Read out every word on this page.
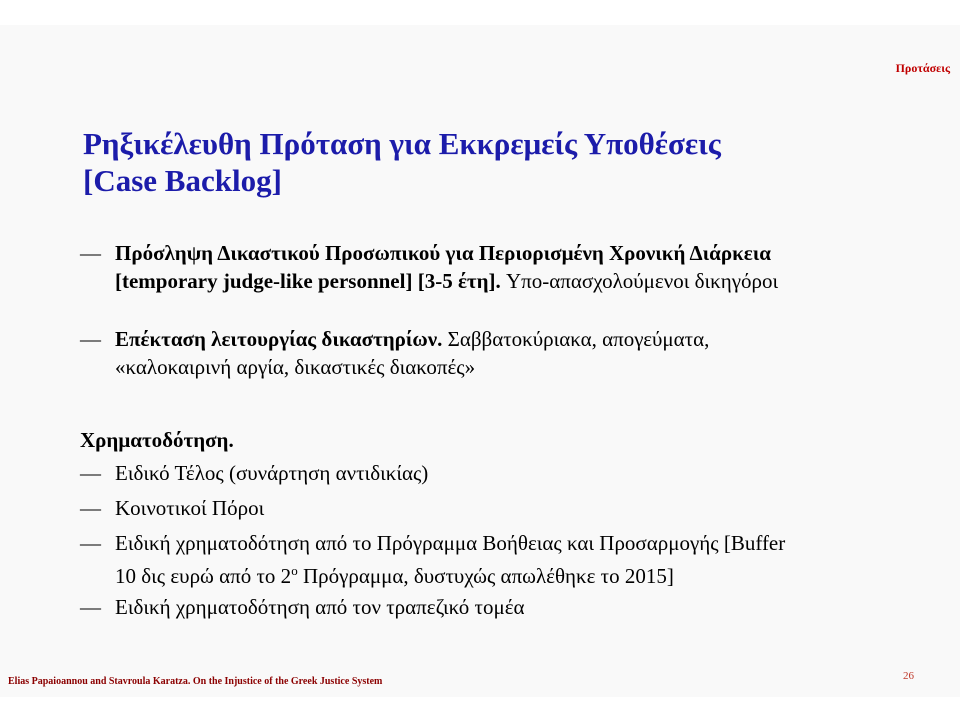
Προτάσεις
Ρηξικέλευθη Πρόταση για Εκκρεμείς Υποθέσεις
[Case Backlog]
— Πρόσληψη Δικαστικού Προσωπικού για Περιορισμένη Χρονική Διάρκεια
[temporary judge-like personnel] [3-5 έτη]. Υπο-απασχολούμενοι δικηγόροι
— Επέκταση λειτουργίας δικαστηρίων. Σαββατοκύριακα, απογεύματα,
«καλοκαιρινή αργία, δικαστικές διακοπές»
Χρηματοδότηση.
— Ειδικό Τέλος (συνάρτηση αντιδικίας)
— Κοινοτικοί Πόροι
— Ειδική χρηματοδότηση από το Πρόγραμμα Βοήθειας και Προσαρμογής [Buffer
10 δις ευρώ από το $2^o$ Πρόγραμμα, δυστυχώς απωλέθηκε το 2015]
— Ειδική χρηματοδότηση από τον τραπεζικό τομέα
Elias Papaioannou and Stavroula Karatza. On the Injustice of the Greek Justice System	26
